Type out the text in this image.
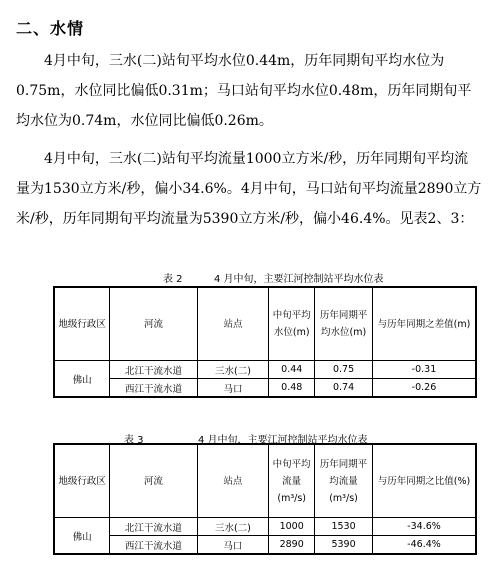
二、水情
4月中旬，三水(二)站旬平均水位0.44m，历年同期旬平均水位为0.75m，水位同比偏低0.31m；马口站旬平均水位0.48m，历年同期旬平均水位为0.74m，水位同比偏低0.26m。
4月中旬，三水(二)站旬平均流量1000立方米/秒，历年同期旬平均流量为1530立方米/秒，偏小34.6%。4月中旬，马口站旬平均流量2890立方米/秒，历年同期旬平均流量为5390立方米/秒，偏小46.4%。见表2、3：
表 2	4 月中旬，主要江河控制站平均水位表
地级行政区	河流	站点	中旬平均水位(m)	历年同期平均水位(m)	与历年同期之差值(m)
佛山	北江干流水道	三水(二)	0.44	0.75	-0.31
	西江干流水道	马口	0.48	0.74	-0.26
表 3	4 月中旬，主要江河控制站平均水位表
地级行政区	河流	站点	中旬平均流量(m³/s)	历年同期平均流量(m³/s)	与历年同期之比值(%)
佛山	北江干流水道	三水(二)	1000	1530	-34.6%
	西江干流水道	马口	2890	5390	-46.4%
